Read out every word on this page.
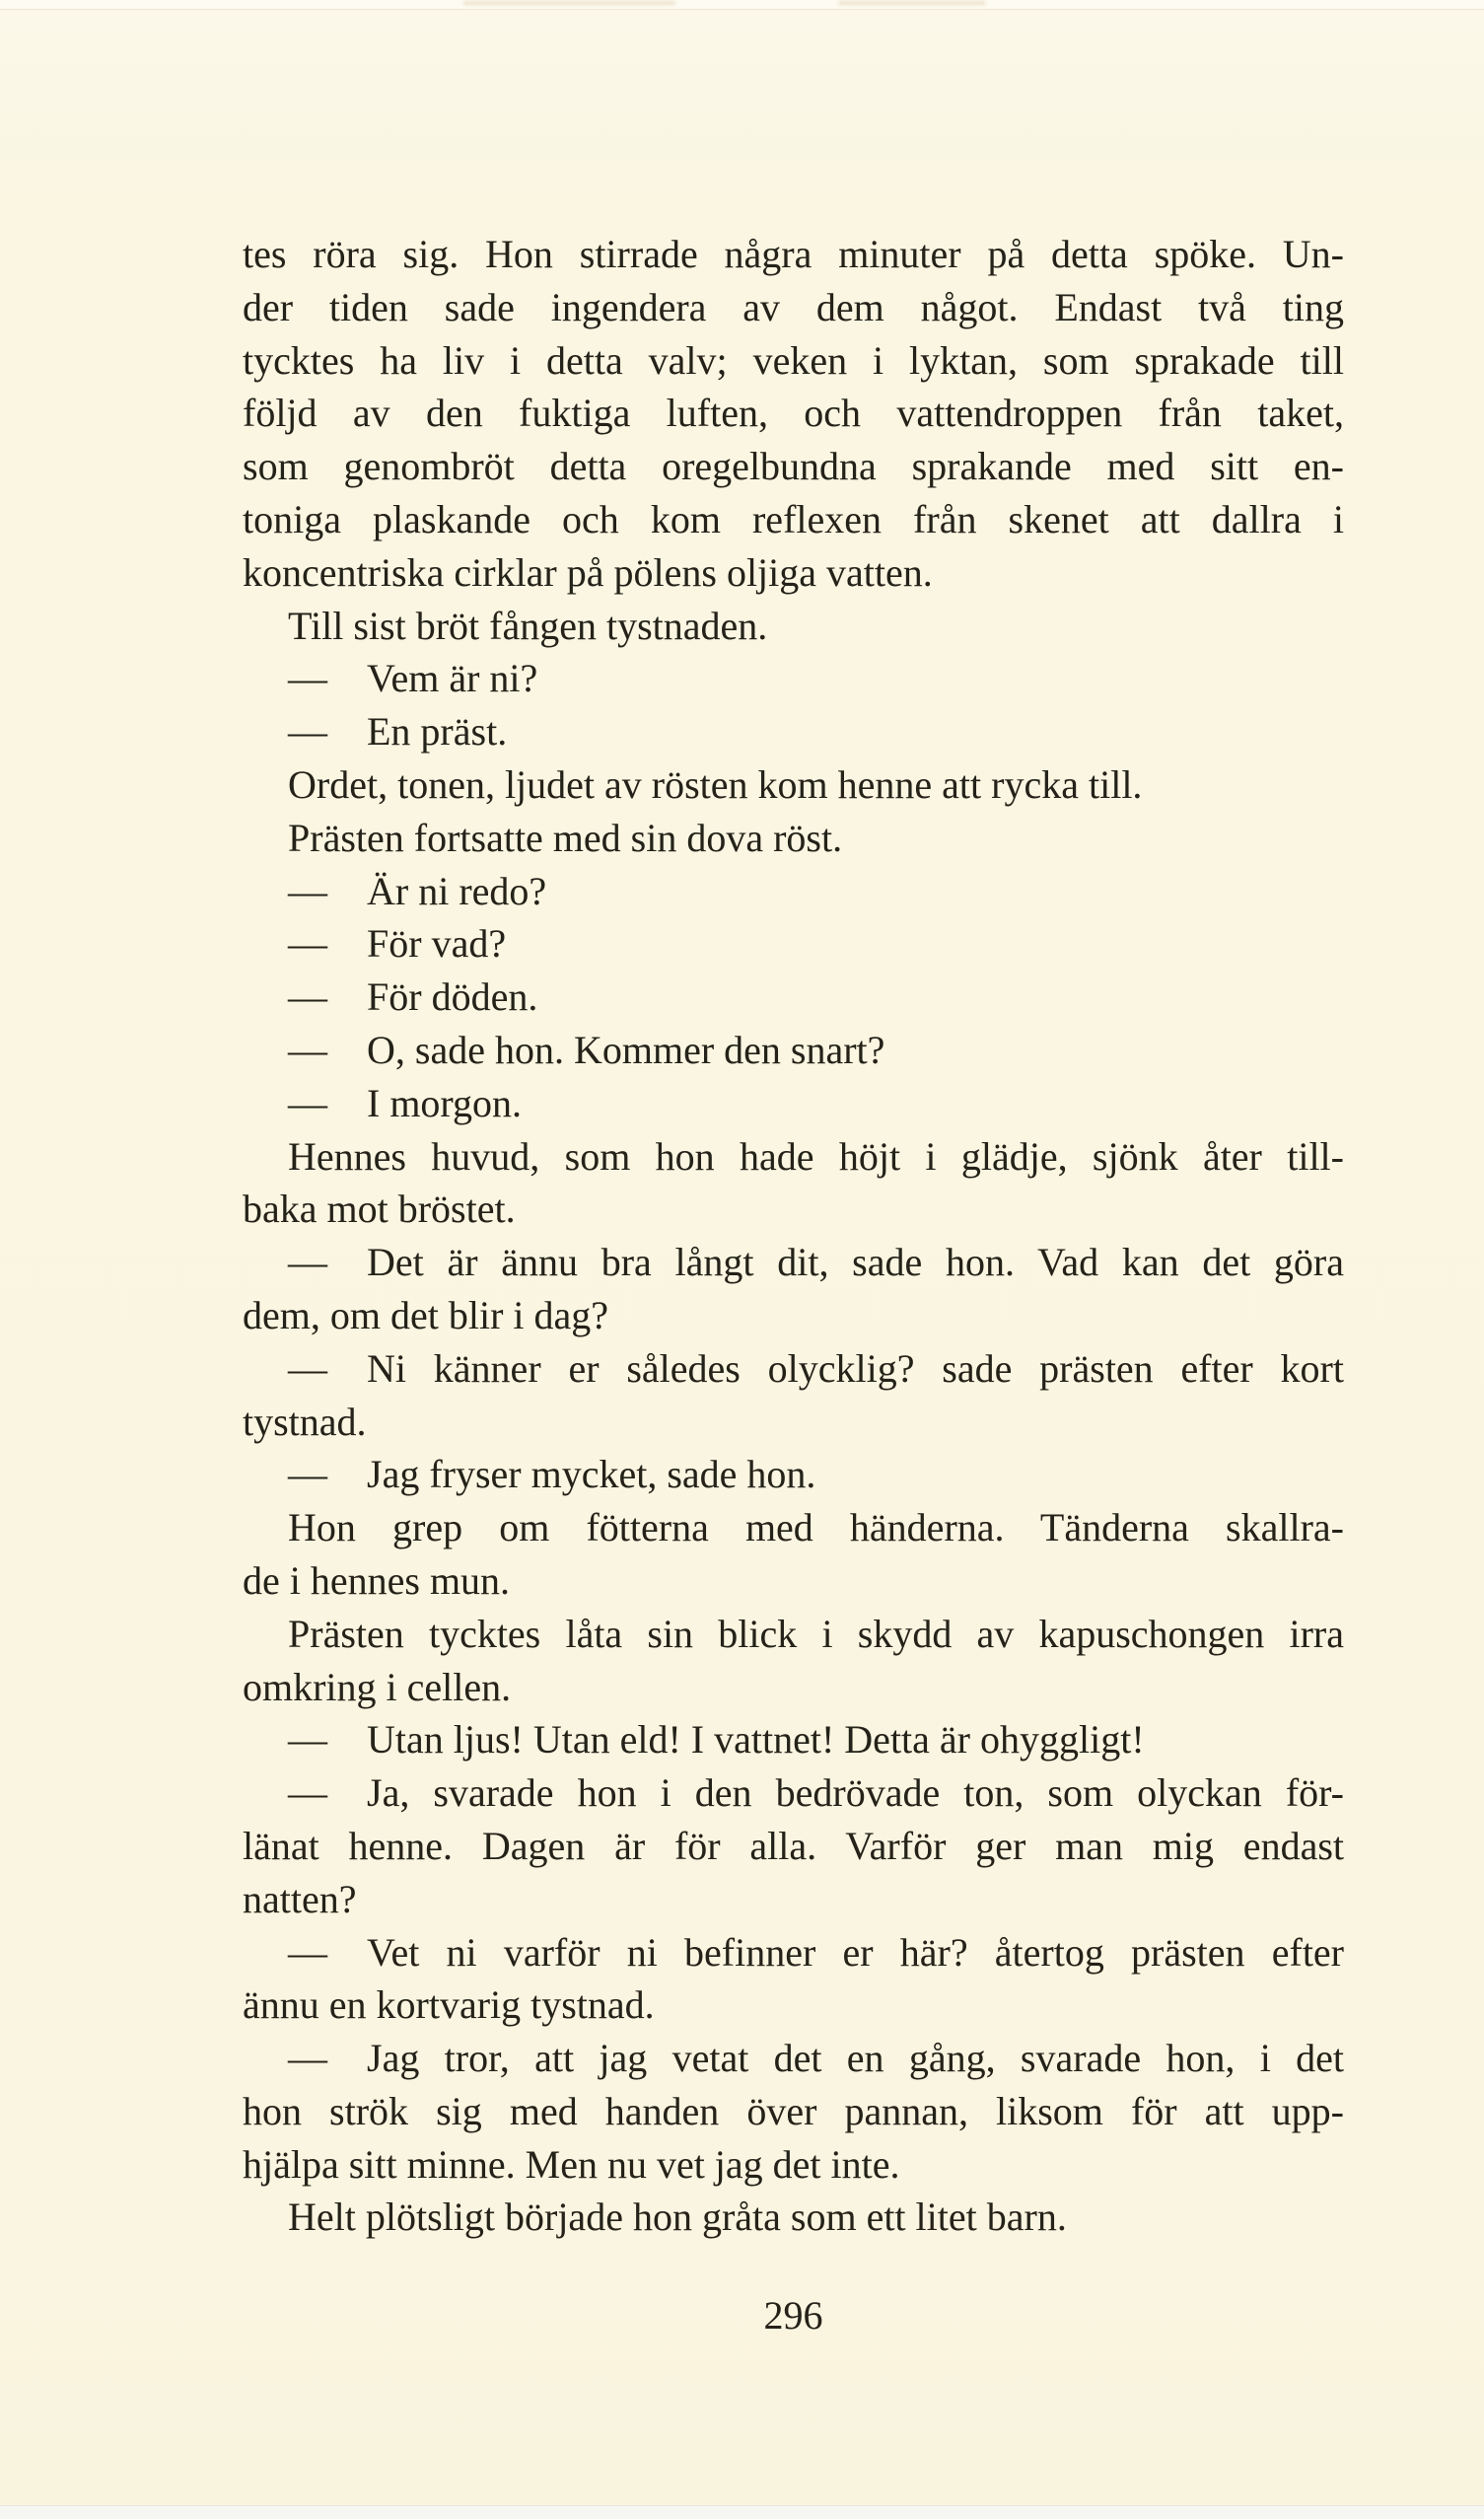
tes röra sig. Hon stirrade några minuter på detta spöke. Un-
der tiden sade ingendera av dem något. Endast två ting
tycktes ha liv i detta valv; veken i lyktan, som sprakade till
följd av den fuktiga luften, och vattendroppen från taket,
som genombröt detta oregelbundna sprakande med sitt en-
toniga plaskande och kom reflexen från skenet att dallra i
koncentriska cirklar på pölens oljiga vatten.
Till sist bröt fången tystnaden.
— Vem är ni?
— En präst.
Ordet, tonen, ljudet av rösten kom henne att rycka till.
Prästen fortsatte med sin dova röst.
— Är ni redo?
— För vad?
— För döden.
— O, sade hon. Kommer den snart?
— I morgon.
Hennes huvud, som hon hade höjt i glädje, sjönk åter till-
baka mot bröstet.
— Det är ännu bra långt dit, sade hon. Vad kan det göra
dem, om det blir i dag?
— Ni känner er således olycklig? sade prästen efter kort
tystnad.
— Jag fryser mycket, sade hon.
Hon grep om fötterna med händerna. Tänderna skallra-
de i hennes mun.
Prästen tycktes låta sin blick i skydd av kapuschongen irra
omkring i cellen.
— Utan ljus! Utan eld! I vattnet! Detta är ohyggligt!
— Ja, svarade hon i den bedrövade ton, som olyckan för-
länat henne. Dagen är för alla. Varför ger man mig endast
natten?
— Vet ni varför ni befinner er här? återtog prästen efter
ännu en kortvarig tystnad.
— Jag tror, att jag vetat det en gång, svarade hon, i det
hon strök sig med handen över pannan, liksom för att upp-
hjälpa sitt minne. Men nu vet jag det inte.
Helt plötsligt började hon gråta som ett litet barn.
296
